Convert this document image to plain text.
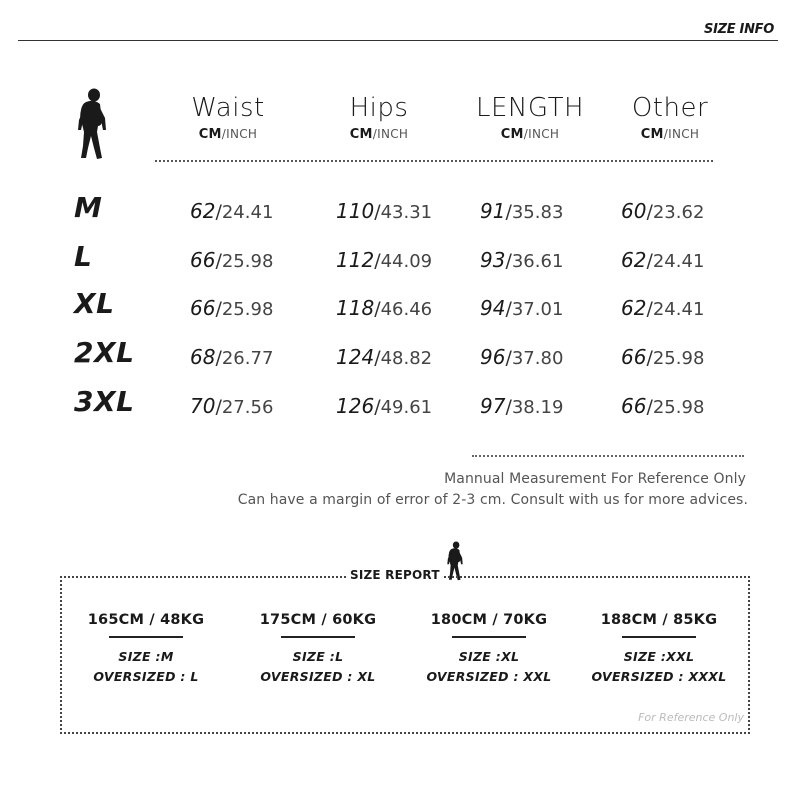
SIZE INFO
Waist
CM/INCH
Hips
CM/INCH
LENGTH
CM/INCH
Other
CM/INCH
M	62/24.41	110/43.31 91/35.83	60/23.62
L	66/25.98	112/44.09 93/36.61	62/24.41
XL	66/25.98	118/46.46 94/37.01	62/24.41
2XL	68/26.77	124/48.82 96/37.80	66/25.98
3XL	70/27.56	126/49.61 97/38.19	66/25.98
Mannual Measurement For Reference Only
Can have a margin of error of 2-3 cm. Consult with us for more advices.
SIZE REPORT
165CM / 48KG
SIZE :M
OVERSIZED : L
175CM / 60KG
SIZE :L
OVERSIZED : XL
180CM / 70KG
SIZE :XL
OVERSIZED : XXL
188CM / 85KG
SIZE :XXL
OVERSIZED : XXXL
For Reference Only
